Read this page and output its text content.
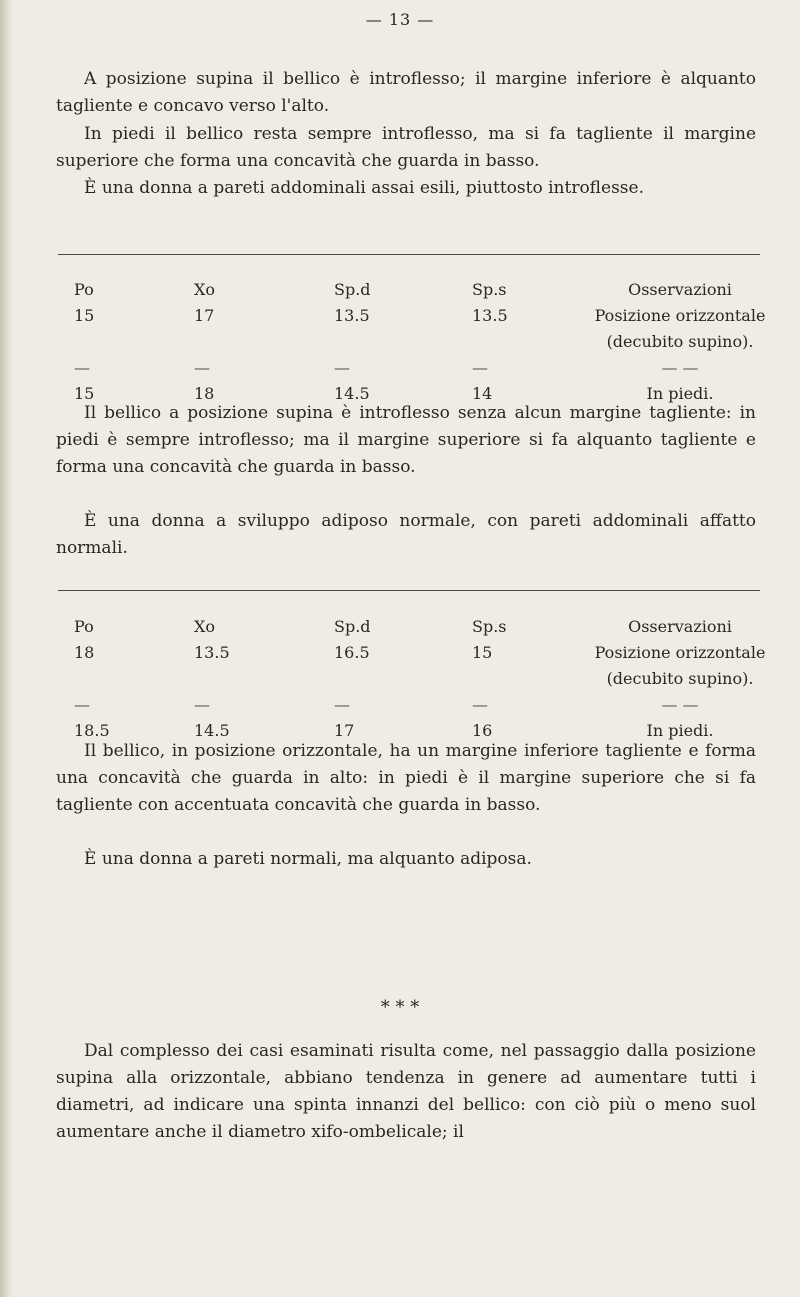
— 13 —

A posizione supina il bellico è introflesso; il margine inferiore è alquanto tagliente e concavo verso l'alto.

In piedi il bellico resta sempre introflesso, ma si fa tagliente il margine superiore che forma una concavità che guarda in basso.

È una donna a pareti addominali assai esili, piuttosto introflesse.

Po	Xo	Sp.d	Sp.s	Osservazioni
15	17	13.5	13.5	Posizione orizzontale
				(decubito supino).
—	—	—	—	— —
15	18	14.5	14	In piedi.

Il bellico a posizione supina è introflesso senza alcun margine tagliente: in piedi è sempre introflesso; ma il margine superiore si fa alquanto tagliente e forma una concavità che guarda in basso.

È una donna a sviluppo adiposo normale, con pareti addominali affatto normali.

Po	Xo	Sp.d	Sp.s	Osservazioni
18	13.5	16.5	15	Posizione orizzontale
				(decubito supino).
—	—	—	—	— —
18.5	14.5	17	16	In piedi.

Il bellico, in posizione orizzontale, ha un margine inferiore tagliente e forma una concavità che guarda in alto: in piedi è il margine superiore che si fa tagliente con accentuata concavità che guarda in basso.

È una donna a pareti normali, ma alquanto adiposa.

* * *

Dal complesso dei casi esaminati risulta come, nel passaggio dalla posizione supina alla orizzontale, abbiano tendenza in genere ad aumentare tutti i diametri, ad indicare una spinta innanzi del bellico: con ciò più o meno suol aumentare anche il diametro xifo-ombelicale; il
